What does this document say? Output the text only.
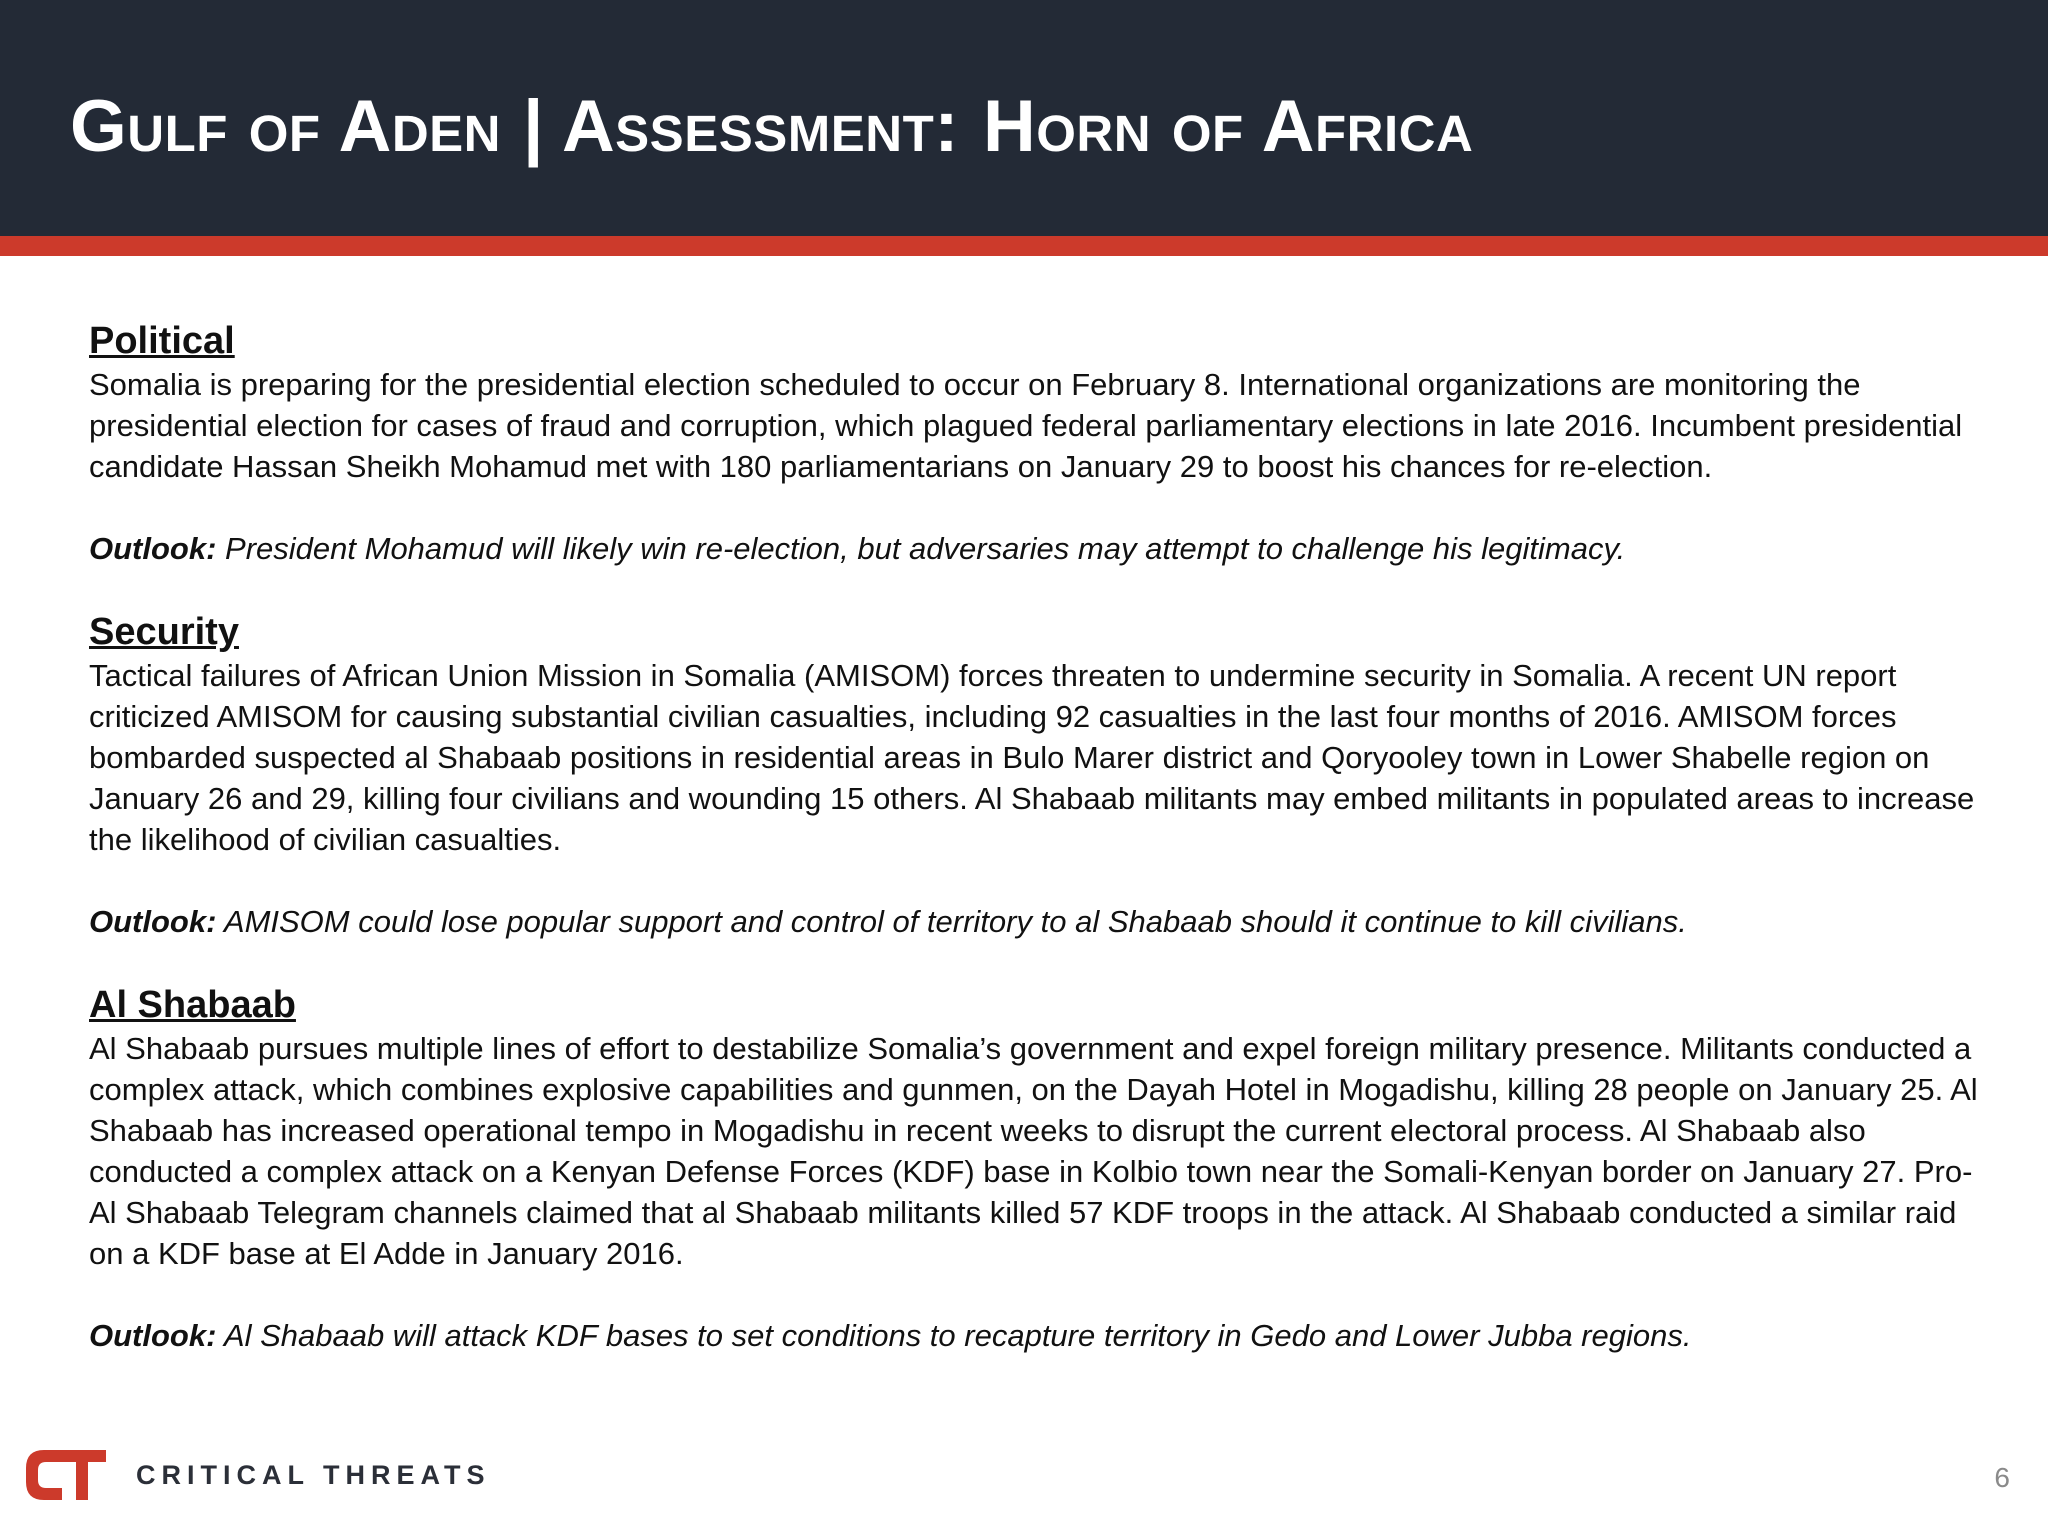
Gulf of Aden | Assessment: Horn of Africa
Political

Somalia is preparing for the presidential election scheduled to occur on February 8. International organizations are monitoring the presidential election for cases of fraud and corruption, which plagued federal parliamentary elections in late 2016. Incumbent presidential candidate Hassan Sheikh Mohamud met with 180 parliamentarians on January 29 to boost his chances for re-election.

Outlook: President Mohamud will likely win re-election, but adversaries may attempt to challenge his legitimacy.

Security

Tactical failures of African Union Mission in Somalia (AMISOM) forces threaten to undermine security in Somalia. A recent UN report criticized AMISOM for causing substantial civilian casualties, including 92 casualties in the last four months of 2016. AMISOM forces bombarded suspected al Shabaab positions in residential areas in Bulo Marer district and Qoryooley town in Lower Shabelle region on January 26 and 29, killing four civilians and wounding 15 others. Al Shabaab militants may embed militants in populated areas to increase the likelihood of civilian casualties.

Outlook: AMISOM could lose popular support and control of territory to al Shabaab should it continue to kill civilians.

Al Shabaab

Al Shabaab pursues multiple lines of effort to destabilize Somalia’s government and expel foreign military presence. Militants conducted a complex attack, which combines explosive capabilities and gunmen, on the Dayah Hotel in Mogadishu, killing 28 people on January 25. Al Shabaab has increased operational tempo in Mogadishu in recent weeks to disrupt the current electoral process. Al Shabaab also conducted a complex attack on a Kenyan Defense Forces (KDF) base in Kolbio town near the Somali-Kenyan border on January 27. Pro-Al Shabaab Telegram channels claimed that al Shabaab militants killed 57 KDF troops in the attack. Al Shabaab conducted a similar raid on a KDF base at El Adde in January 2016.

Outlook: Al Shabaab will attack KDF bases to set conditions to recapture territory in Gedo and Lower Jubba regions.

CRITICAL THREATS	6
